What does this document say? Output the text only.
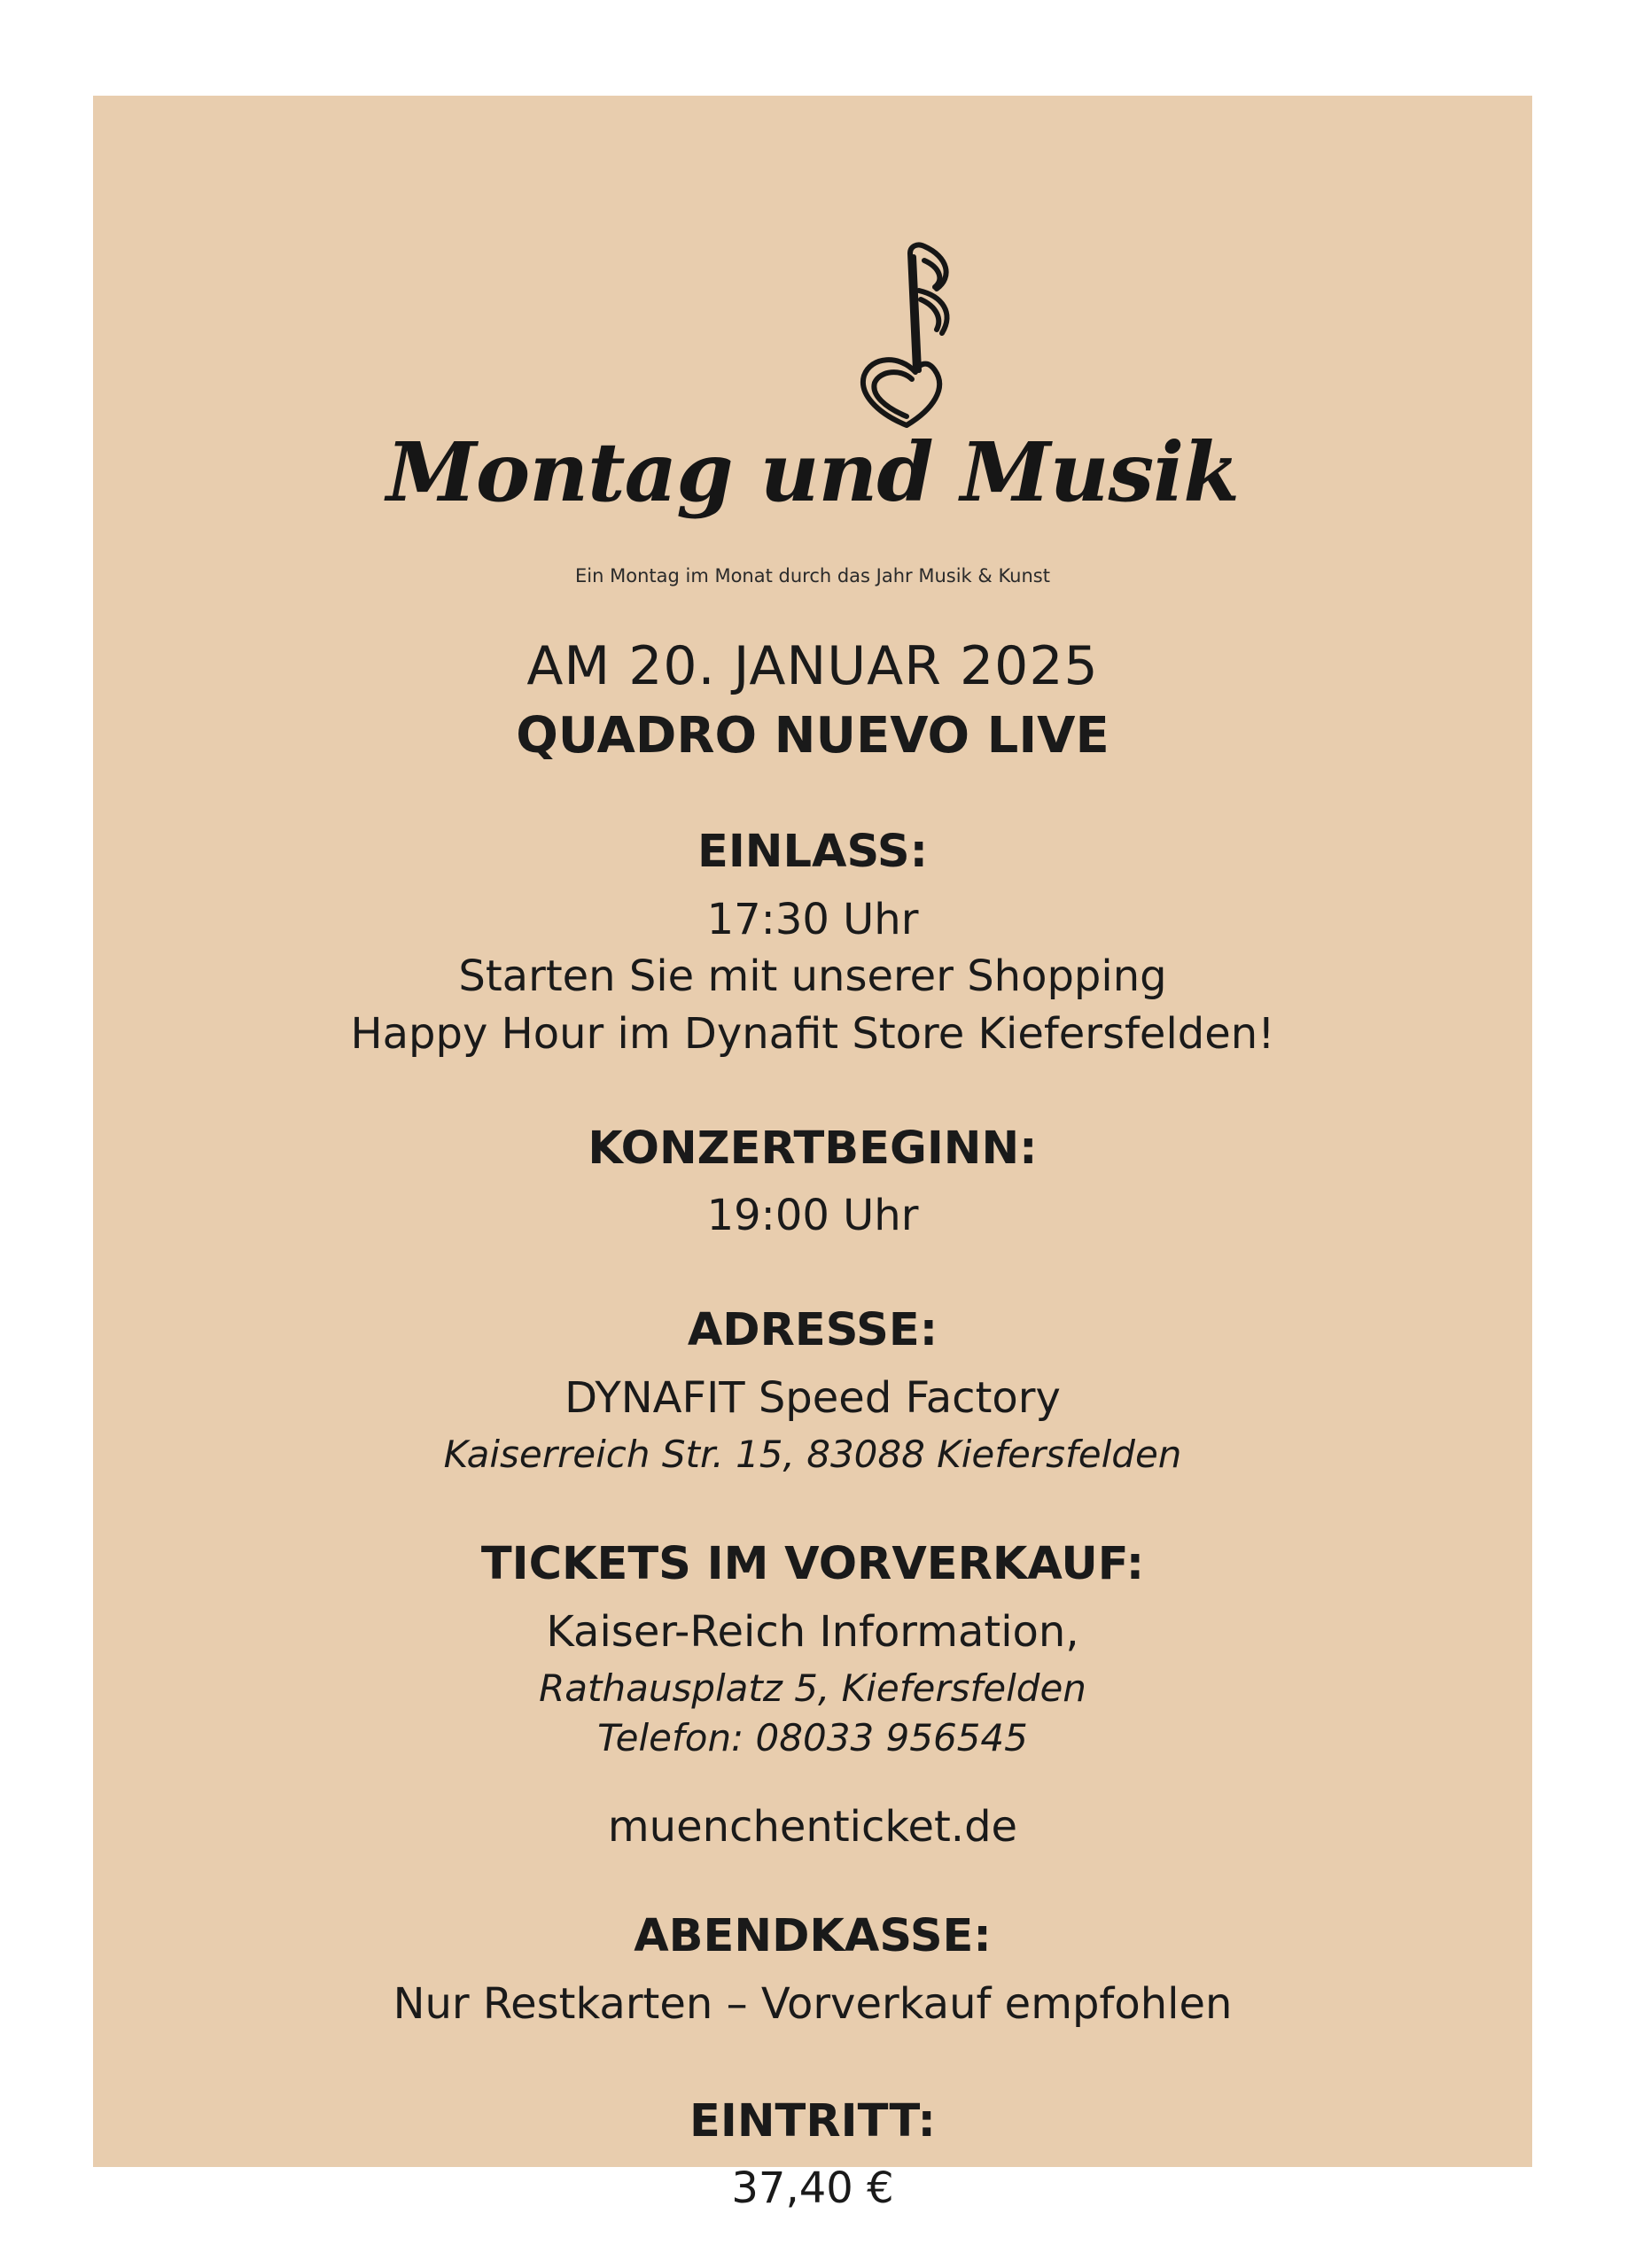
Montag und Musik
Ein Montag im Monat durch das Jahr Musik & Kunst
AM 20. JANUAR 2025
QUADRO NUEVO LIVE
EINLASS:
17:30 Uhr
Starten Sie mit unserer Shopping
Happy Hour im Dynafit Store Kiefersfelden!
KONZERTBEGINN:
19:00 Uhr
ADRESSE:
DYNAFIT Speed Factory
Kaiserreich Str. 15, 83088 Kiefersfelden
TICKETS IM VORVERKAUF:
Kaiser-Reich Information,
Rathausplatz 5, Kiefersfelden
Telefon: 08033 956545
muenchenticket.de
ABENDKASSE:
Nur Restkarten – Vorverkauf empfohlen
EINTRITT:
37,40 €
